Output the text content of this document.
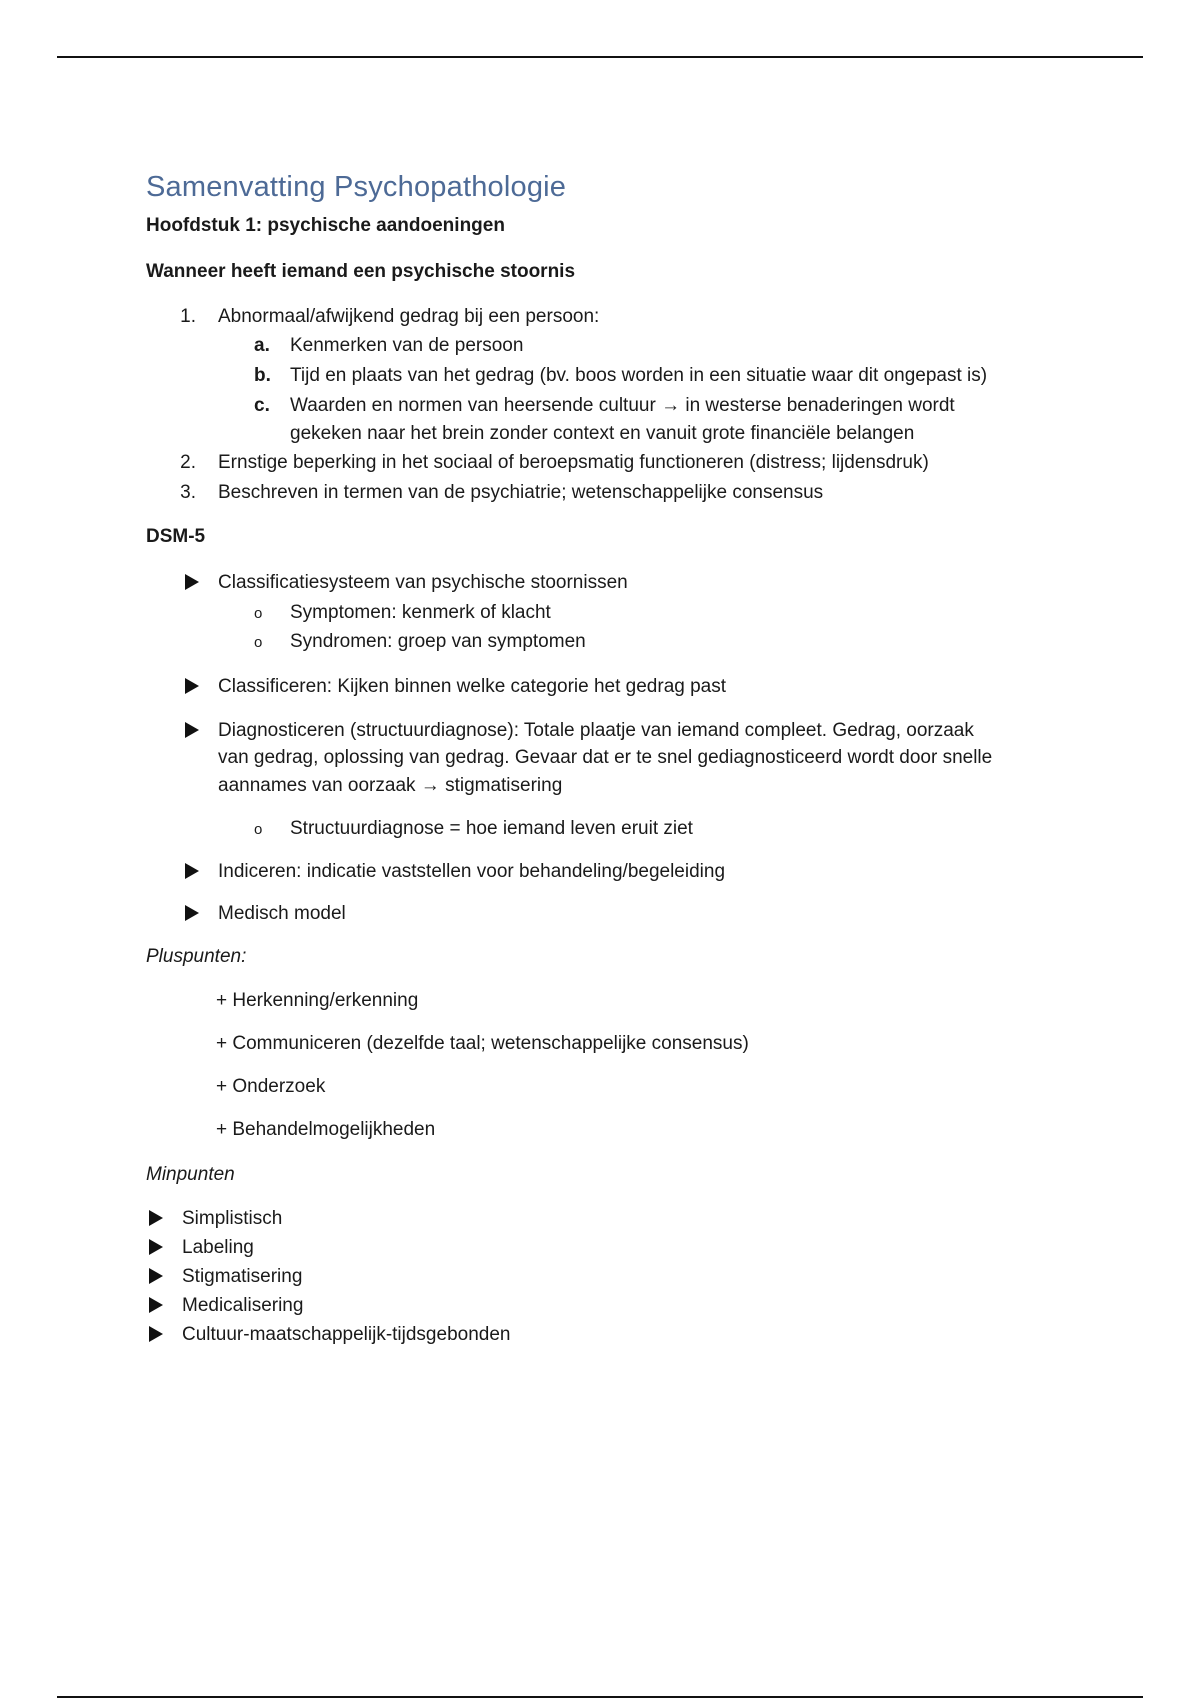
Samenvatting Psychopathologie
Hoofdstuk 1: psychische aandoeningen
Wanneer heeft iemand een psychische stoornis
1. Abnormaal/afwijkend gedrag bij een persoon:
a. Kenmerken van de persoon
b. Tijd en plaats van het gedrag (bv. boos worden in een situatie waar dit ongepast is)
c. Waarden en normen van heersende cultuur → in westerse benaderingen wordt
gekeken naar het brein zonder context en vanuit grote financiële belangen
2. Ernstige beperking in het sociaal of beroepsmatig functioneren (distress; lijdensdruk)
3. Beschreven in termen van de psychiatrie; wetenschappelijke consensus
DSM-5
Classificatiesysteem van psychische stoornissen
o Symptomen: kenmerk of klacht
o Syndromen: groep van symptomen
Classificeren: Kijken binnen welke categorie het gedrag past
Diagnosticeren (structuurdiagnose): Totale plaatje van iemand compleet. Gedrag, oorzaak
van gedrag, oplossing van gedrag. Gevaar dat er te snel gediagnosticeerd wordt door snelle
aannames van oorzaak → stigmatisering
o Structuurdiagnose = hoe iemand leven eruit ziet
Indiceren: indicatie vaststellen voor behandeling/begeleiding
Medisch model
Pluspunten:
+ Herkenning/erkenning
+ Communiceren (dezelfde taal; wetenschappelijke consensus)
+ Onderzoek
+ Behandelmogelijkheden
Minpunten
Simplistisch
Labeling
Stigmatisering
Medicalisering
Cultuur-maatschappelijk-tijdsgebonden
